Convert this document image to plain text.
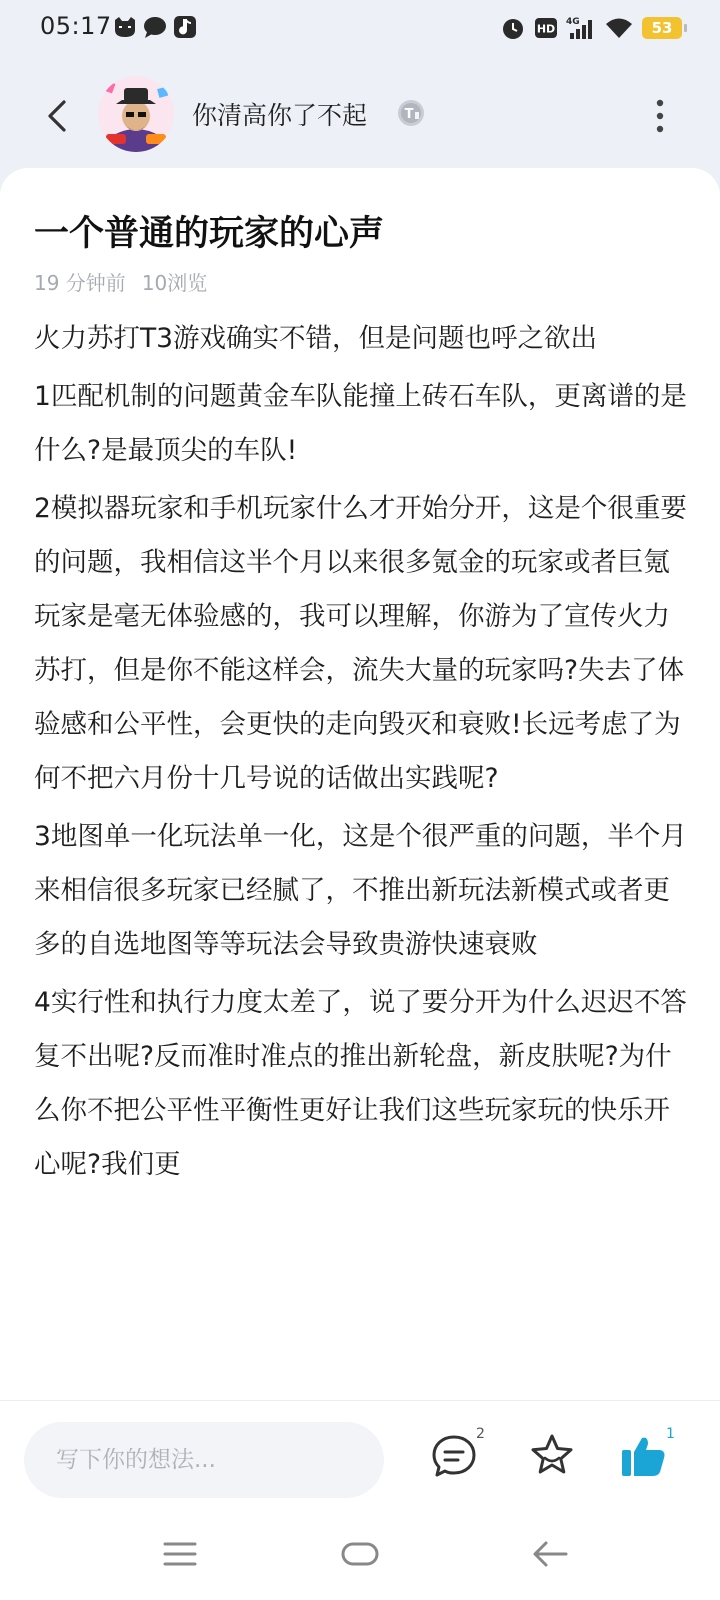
05:17	HD
4G	53
你清高你了不起	T
一个普通的玩家的心声
19 分钟前 10浏览

火力苏打T3游戏确实不错，但是问题也呼之欲出

1匹配机制的问题黄金车队能撞上砖石车队，更离谱的是什么?是最顶尖的车队!

2模拟器玩家和手机玩家什么才开始分开，这是个很重要的问题，我相信这半个月以来很多氪金的玩家或者巨氪玩家是毫无体验感的，我可以理解，你游为了宣传火力苏打，但是你不能这样会，流失大量的玩家吗?失去了体验感和公平性，会更快的走向毁灭和衰败!长远考虑了为何不把六月份十几号说的话做出实践呢?

3地图单一化玩法单一化，这是个很严重的问题，半个月来相信很多玩家已经腻了，不推出新玩法新模式或者更多的自选地图等等玩法会导致贵游快速衰败

4实行性和执行力度太差了，说了要分开为什么迟迟不答复不出呢?反而准时准点的推出新轮盘，新皮肤呢?为什么你不把公平性平衡性更好让我们这些玩家玩的快乐开心呢?我们更

写下你的想法...
2	1
